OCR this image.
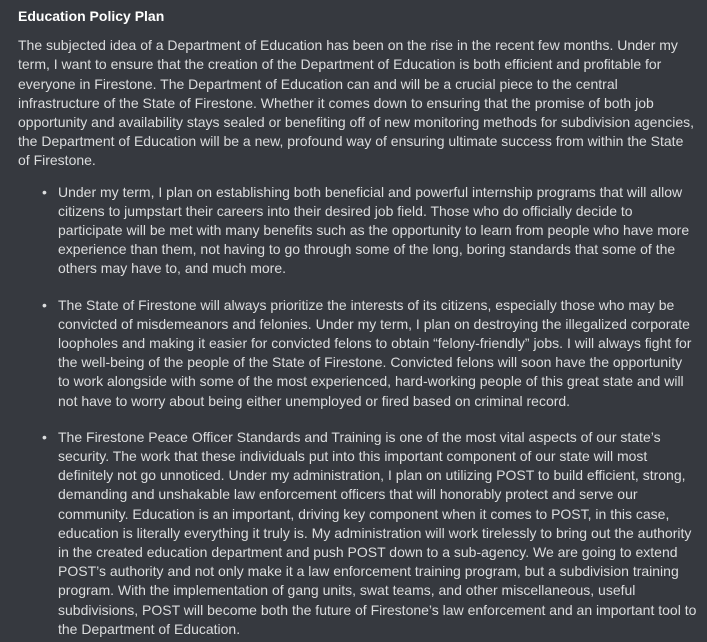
Education Policy Plan
The subjected idea of a Department of Education has been on the rise in the recent few months. Under my term, I want to ensure that the creation of the Department of Education is both efficient and profitable for everyone in Firestone. The Department of Education can and will be a crucial piece to the central infrastructure of the State of Firestone. Whether it comes down to ensuring that the promise of both job opportunity and availability stays sealed or benefiting off of new monitoring methods for subdivision agencies, the Department of Education will be a new, profound way of ensuring ultimate success from within the State of Firestone.
• Under my term, I plan on establishing both beneficial and powerful internship programs that will allow citizens to jumpstart their careers into their desired job field. Those who do officially decide to participate will be met with many benefits such as the opportunity to learn from people who have more experience than them, not having to go through some of the long, boring standards that some of the others may have to, and much more.
• The State of Firestone will always prioritize the interests of its citizens, especially those who may be convicted of misdemeanors and felonies. Under my term, I plan on destroying the illegalized corporate loopholes and making it easier for convicted felons to obtain “felony-friendly” jobs. I will always fight for the well-being of the people of the State of Firestone. Convicted felons will soon have the opportunity to work alongside with some of the most experienced, hard-working people of this great state and will not have to worry about being either unemployed or fired based on criminal record.
• The Firestone Peace Officer Standards and Training is one of the most vital aspects of our state’s security. The work that these individuals put into this important component of our state will most definitely not go unnoticed. Under my administration, I plan on utilizing POST to build efficient, strong, demanding and unshakable law enforcement officers that will honorably protect and serve our community. Education is an important, driving key component when it comes to POST, in this case, education is literally everything it truly is. My administration will work tirelessly to bring out the authority in the created education department and push POST down to a sub-agency. We are going to extend POST’s authority and not only make it a law enforcement training program, but a subdivision training program. With the implementation of gang units, swat teams, and other miscellaneous, useful subdivisions, POST will become both the future of Firestone’s law enforcement and an important tool to the Department of Education.
